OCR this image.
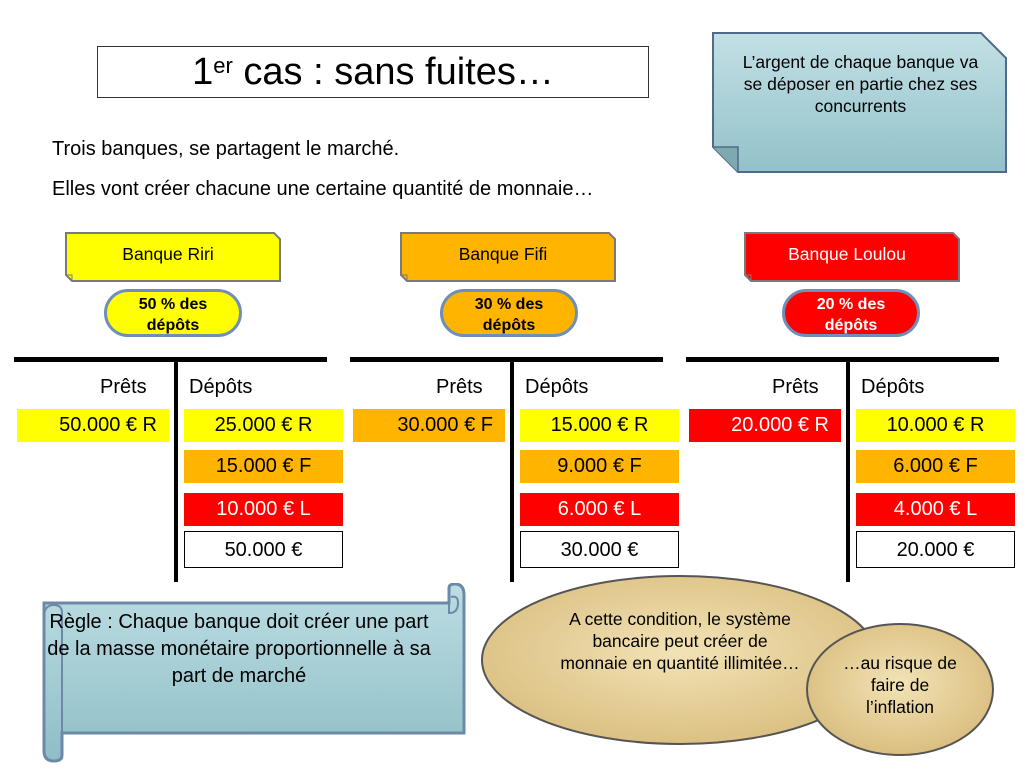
1er cas : sans fuites…
Trois banques, se partagent le marché.
Elles vont créer chacune une certaine quantité de monnaie…
L’argent de chaque banque va se déposer en partie chez ses concurrents
Banque Riri	Banque Fifi	Banque Loulou
50 % des
dépôts
30 % des
dépôts
20 % des
dépôts
Prêts Dépôts	Prêts Dépôts	Prêts Dépôts
50.000 € R	25.000 € R
15.000 € F
10.000 € L
50.000 €
30.000 € F	15.000 € R
9.000 € F
6.000 € L
30.000 €
20.000 € R	10.000 € R
6.000 € F
4.000 € L
20.000 €
Règle : Chaque banque doit créer une part de la masse monétaire proportionnelle à sa part de marché
A cette condition, le système bancaire peut créer de monnaie en quantité illimitée…	…au risque de faire de l’inflation
